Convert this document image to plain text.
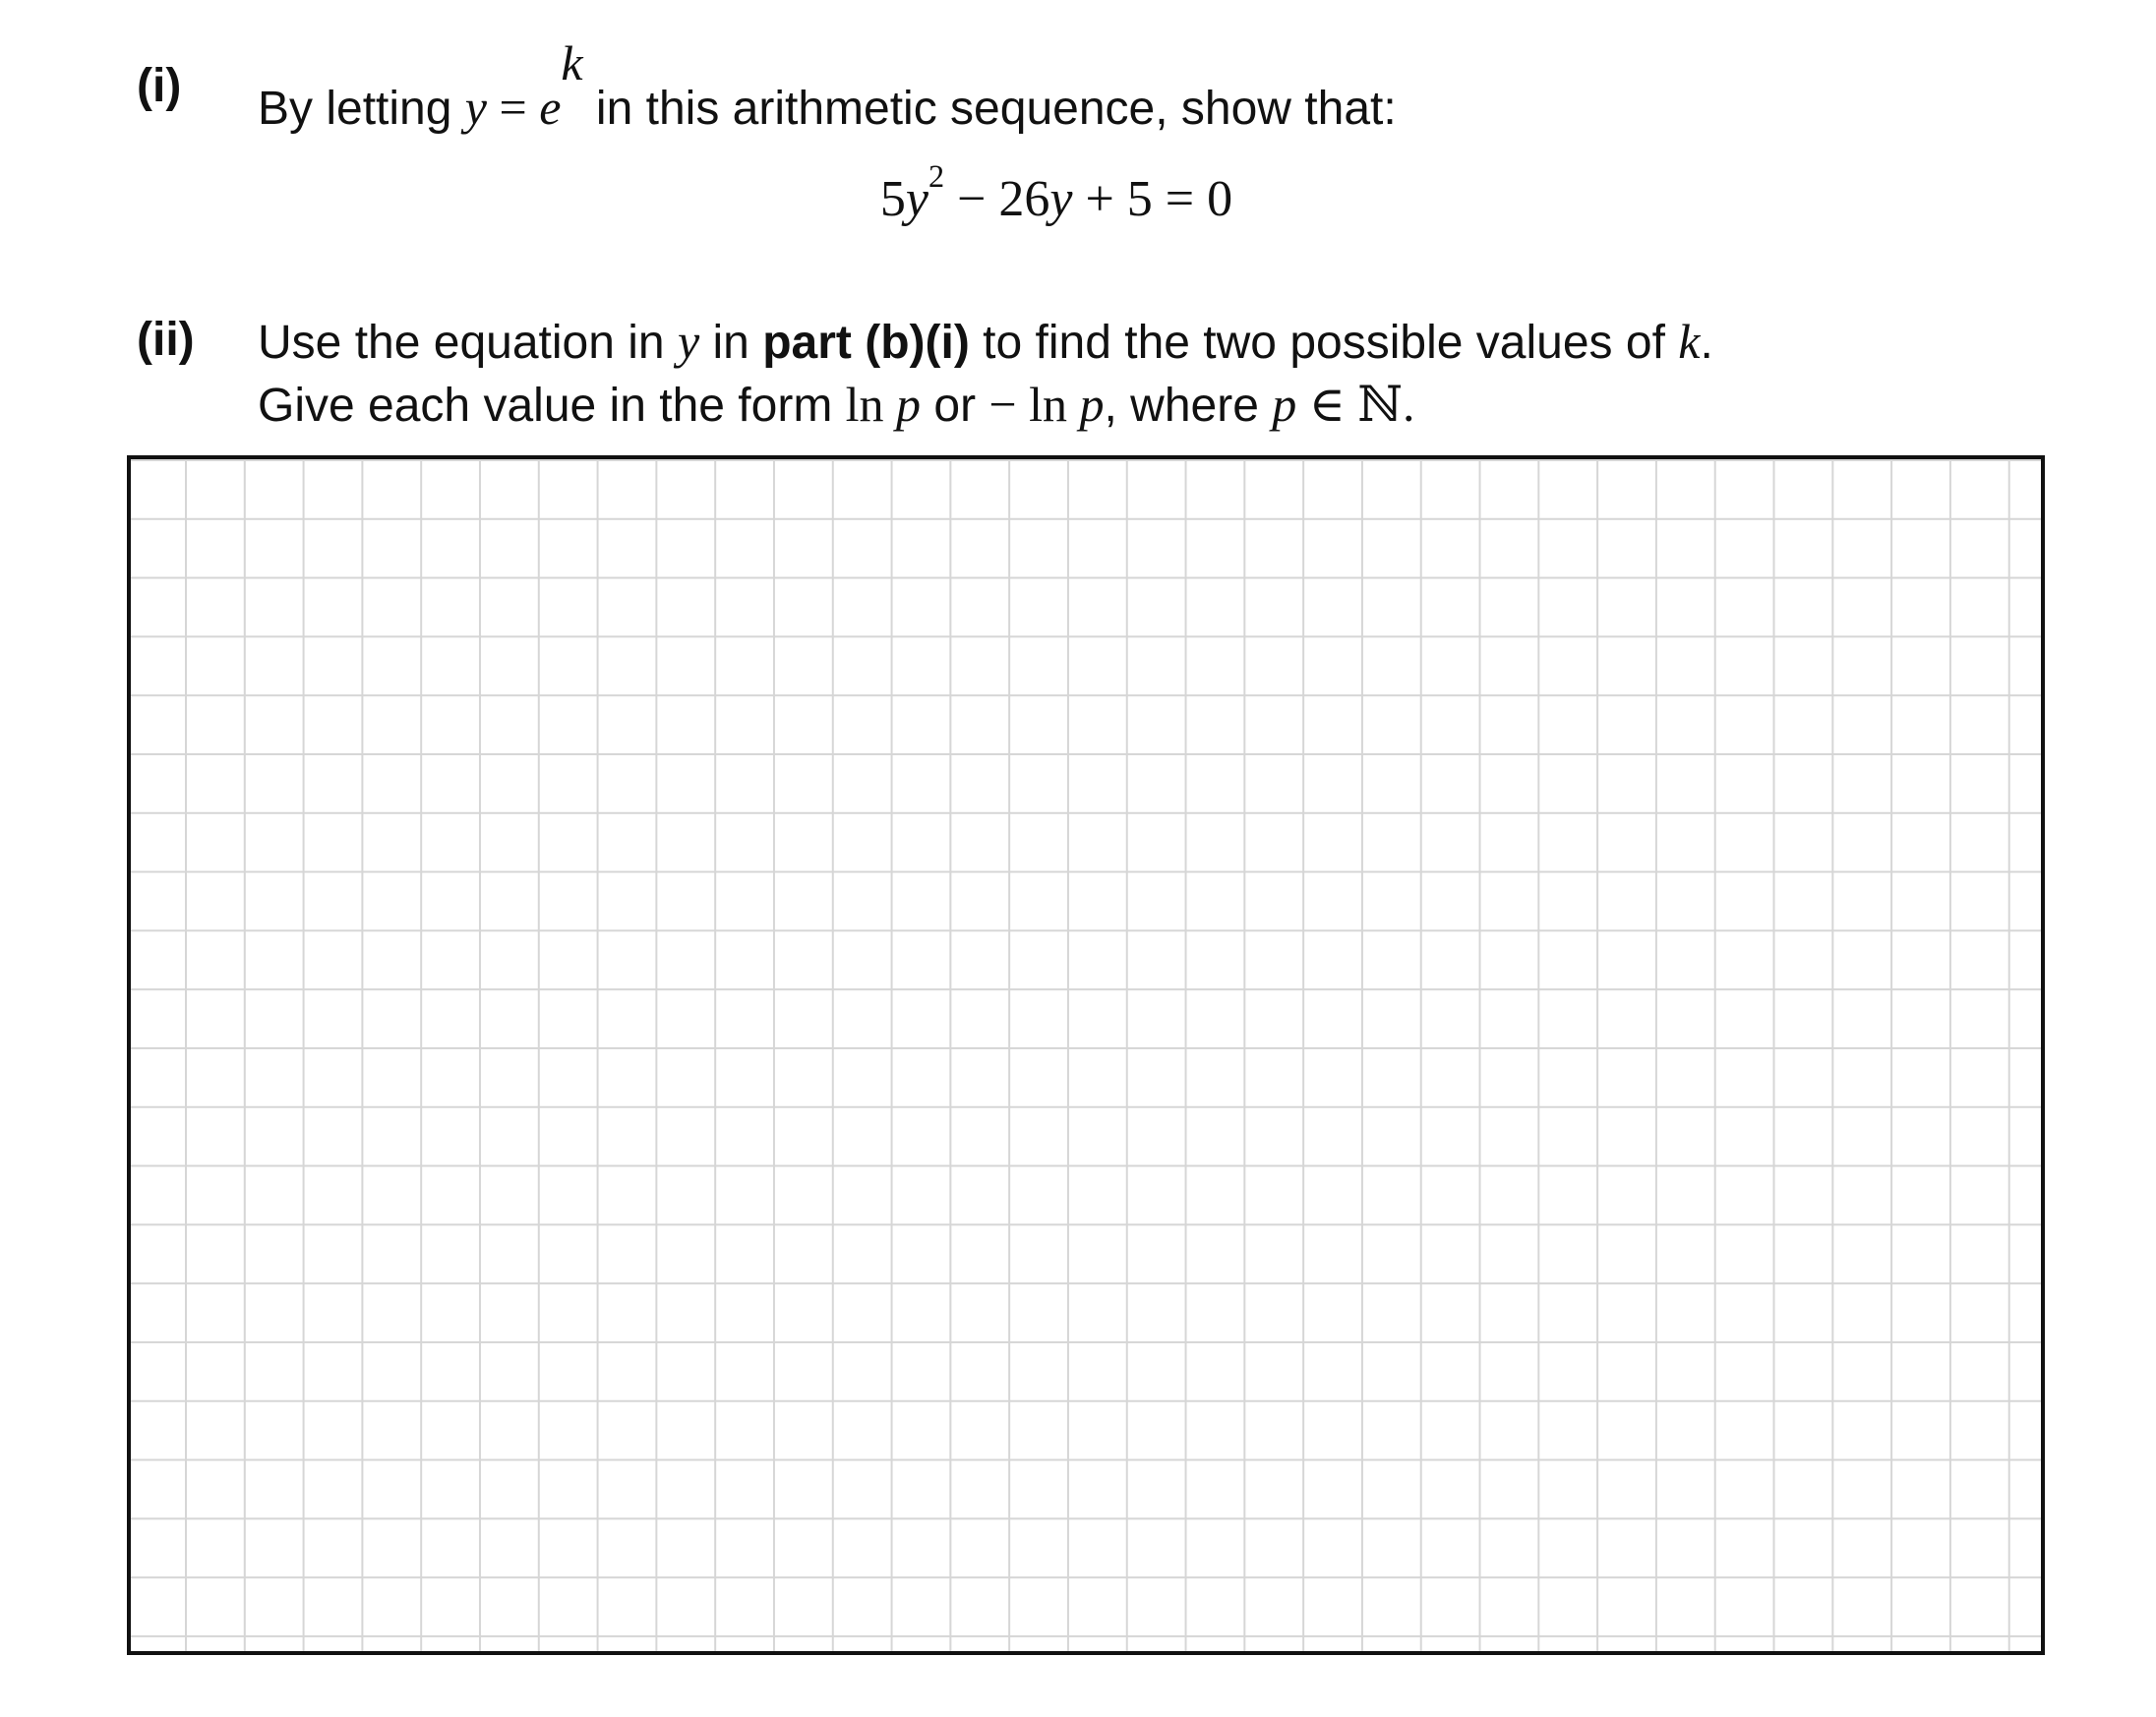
(i) By letting $y = e^k$ in this arithmetic sequence, show that:
$5y^2 - 26y + 5 = 0$
(ii) Use the equation in y in part (b)(i) to find the two possible values of k.
Give each value in the form ln p or − ln p, where p ∈ ℕ.
